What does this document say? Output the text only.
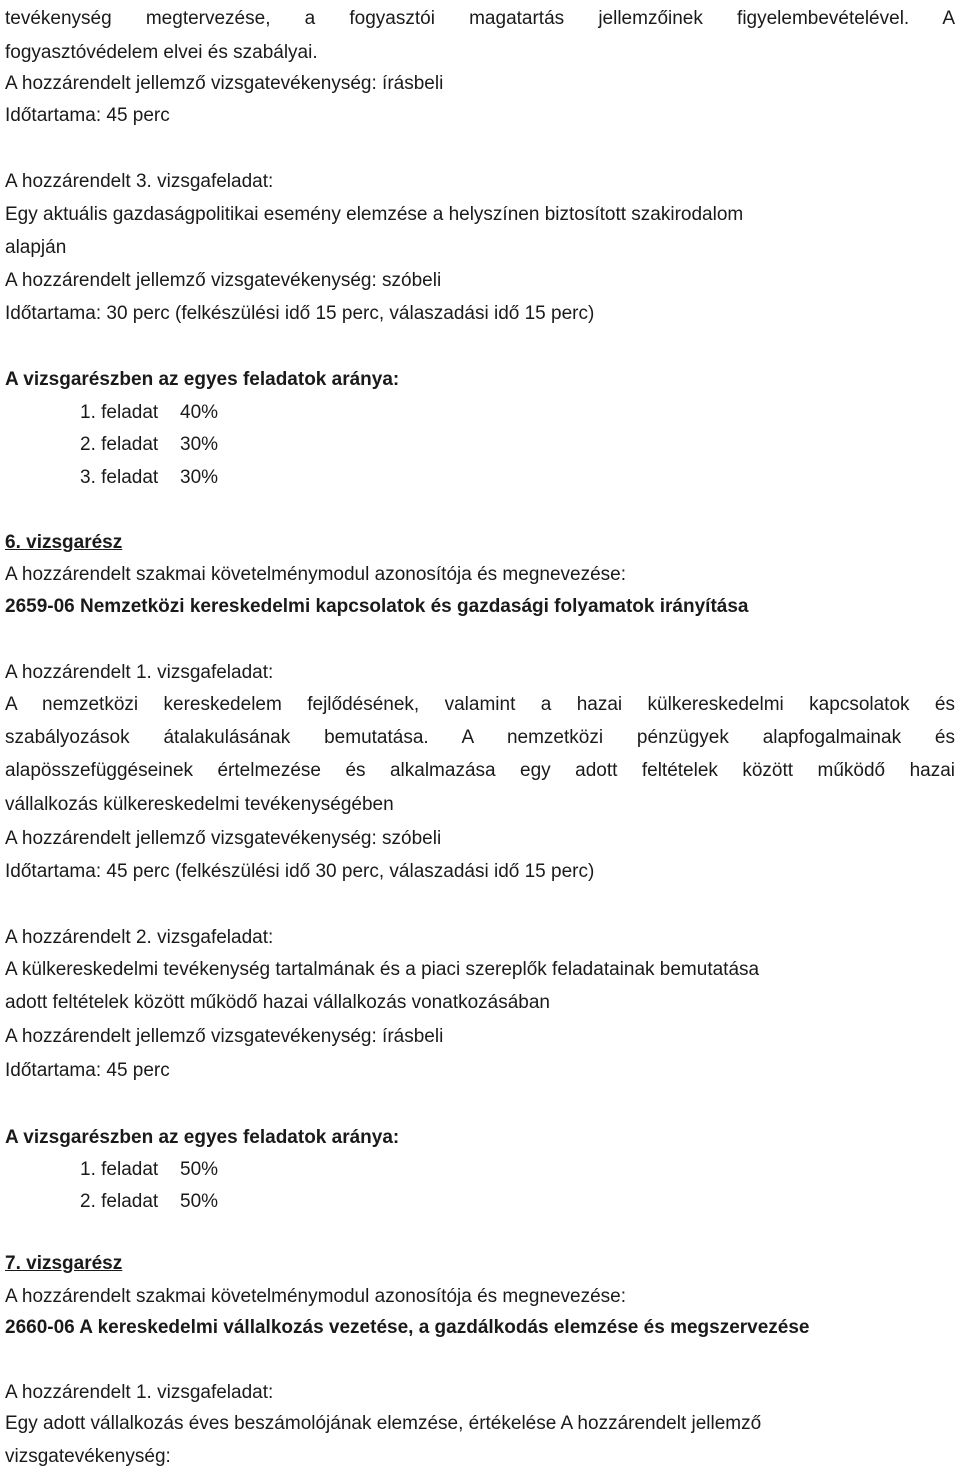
tevékenység megtervezése, a fogyasztói magatartás jellemzőinek figyelembevételével. A
fogyasztóvédelem elvei és szabályai.
A hozzárendelt jellemző vizsgatevékenység: írásbeli
Időtartama: 45 perc
A hozzárendelt 3. vizsgafeladat:
Egy aktuális gazdaságpolitikai esemény elemzése a helyszínen biztosított szakirodalom
alapján
A hozzárendelt jellemző vizsgatevékenység: szóbeli
Időtartama: 30 perc (felkészülési idő 15 perc, válaszadási idő 15 perc)
A vizsgarészben az egyes feladatok aránya:
1. feladat 40%
2. feladat 30%
3. feladat 30%
6. vizsgarész
A hozzárendelt szakmai követelménymodul azonosítója és megnevezése:
2659-06 Nemzetközi kereskedelmi kapcsolatok és gazdasági folyamatok irányítása
A hozzárendelt 1. vizsgafeladat:
A nemzetközi kereskedelem fejlődésének, valamint a hazai külkereskedelmi kapcsolatok és
szabályozások átalakulásának bemutatása. A nemzetközi pénzügyek alapfogalmainak és
alapösszefüggéseinek értelmezése és alkalmazása egy adott feltételek között működő hazai
vállalkozás külkereskedelmi tevékenységében
A hozzárendelt jellemző vizsgatevékenység: szóbeli
Időtartama: 45 perc (felkészülési idő 30 perc, válaszadási idő 15 perc)
A hozzárendelt 2. vizsgafeladat:
A külkereskedelmi tevékenység tartalmának és a piaci szereplők feladatainak bemutatása
adott feltételek között működő hazai vállalkozás vonatkozásában
A hozzárendelt jellemző vizsgatevékenység: írásbeli
Időtartama: 45 perc
A vizsgarészben az egyes feladatok aránya:
1. feladat 50%
2. feladat 50%
7. vizsgarész
A hozzárendelt szakmai követelménymodul azonosítója és megnevezése:
2660-06 A kereskedelmi vállalkozás vezetése, a gazdálkodás elemzése és megszervezése
A hozzárendelt 1. vizsgafeladat:
Egy adott vállalkozás éves beszámolójának elemzése, értékelése A hozzárendelt jellemző
vizsgatevékenység:
